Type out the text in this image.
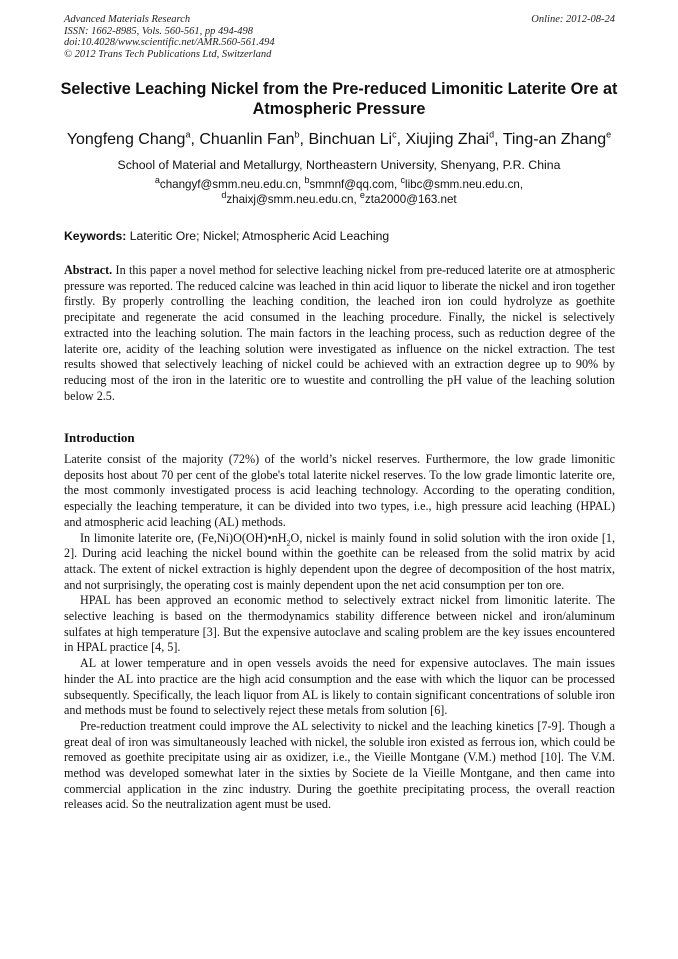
Advanced Materials Research
ISSN: 1662-8985, Vols. 560-561, pp 494-498
doi:10.4028/www.scientific.net/AMR.560-561.494
© 2012 Trans Tech Publications Ltd, Switzerland
Online: 2012-08-24
Selective Leaching Nickel from the Pre-reduced Limonitic Laterite Ore at Atmospheric Pressure
Yongfeng Chang$^a$, Chuanlin Fan$^b$, Binchuan Li$^c$, Xiujing Zhai$^d$, Ting-an Zhang$^e$
School of Material and Metallurgy, Northeastern University, Shenyang, P.R. China
$^a$changyf@smm.neu.edu.cn, $^b$smmnf@qq.com, $^c$libc@smm.neu.edu.cn,
$^d$zhaixj@smm.neu.edu.cn, $^e$zta2000@163.net
Keywords: Lateritic Ore; Nickel; Atmospheric Acid Leaching
Abstract. In this paper a novel method for selective leaching nickel from pre-reduced laterite ore at atmospheric pressure was reported. The reduced calcine was leached in thin acid liquor to liberate the nickel and iron together firstly. By properly controlling the leaching condition, the leached iron ion could hydrolyze as goethite precipitate and regenerate the acid consumed in the leaching procedure. Finally, the nickel is selectively extracted into the leaching solution. The main factors in the leaching process, such as reduction degree of the laterite ore, acidity of the leaching solution were investigated as influence on the nickel extraction. The test results showed that selectively leaching of nickel could be achieved with an extraction degree up to 90% by reducing most of the iron in the lateritic ore to wuestite and controlling the pH value of the leaching solution below 2.5.
Introduction

Laterite consist of the majority (72%) of the world’s nickel reserves. Furthermore, the low grade limonitic deposits host about 70 per cent of the globe's total laterite nickel reserves. To the low grade limontic laterite ore, the most commonly investigated process is acid leaching technology. According to the operating condition, especially the leaching temperature, it can be divided into two types, i.e., high pressure acid leaching (HPAL) and atmospheric acid leaching (AL) methods.

In limonite laterite ore, $(Fe,Ni)O(OH)•nH_2O$, nickel is mainly found in solid solution with the iron oxide [1, 2]. During acid leaching the nickel bound within the goethite can be released from the solid matrix by acid attack. The extent of nickel extraction is highly dependent upon the degree of decomposition of the host matrix, and not surprisingly, the operating cost is mainly dependent upon the net acid consumption per ton ore.

HPAL has been approved an economic method to selectively extract nickel from limonitic laterite. The selective leaching is based on the thermodynamics stability difference between nickel and iron/aluminum sulfates at high temperature [3]. But the expensive autoclave and scaling problem are the key issues encountered in HPAL practice [4, 5].

AL at lower temperature and in open vessels avoids the need for expensive autoclaves. The main issues hinder the AL into practice are the high acid consumption and the ease with which the liquor can be processed subsequently. Specifically, the leach liquor from AL is likely to contain significant concentrations of soluble iron and methods must be found to selectively reject these metals from solution [6].

Pre-reduction treatment could improve the AL selectivity to nickel and the leaching kinetics [7-9]. Though a great deal of iron was simultaneously leached with nickel, the soluble iron existed as ferrous ion, which could be removed as goethite precipitate using air as oxidizer, i.e., the Vieille Montgane (V.M.) method [10]. The V.M. method was developed somewhat later in the sixties by Societe de la Vieille Montgane, and then came into commercial application in the zinc industry. During the goethite precipitating process, the overall reaction releases acid. So the neutralization agent must be used.
